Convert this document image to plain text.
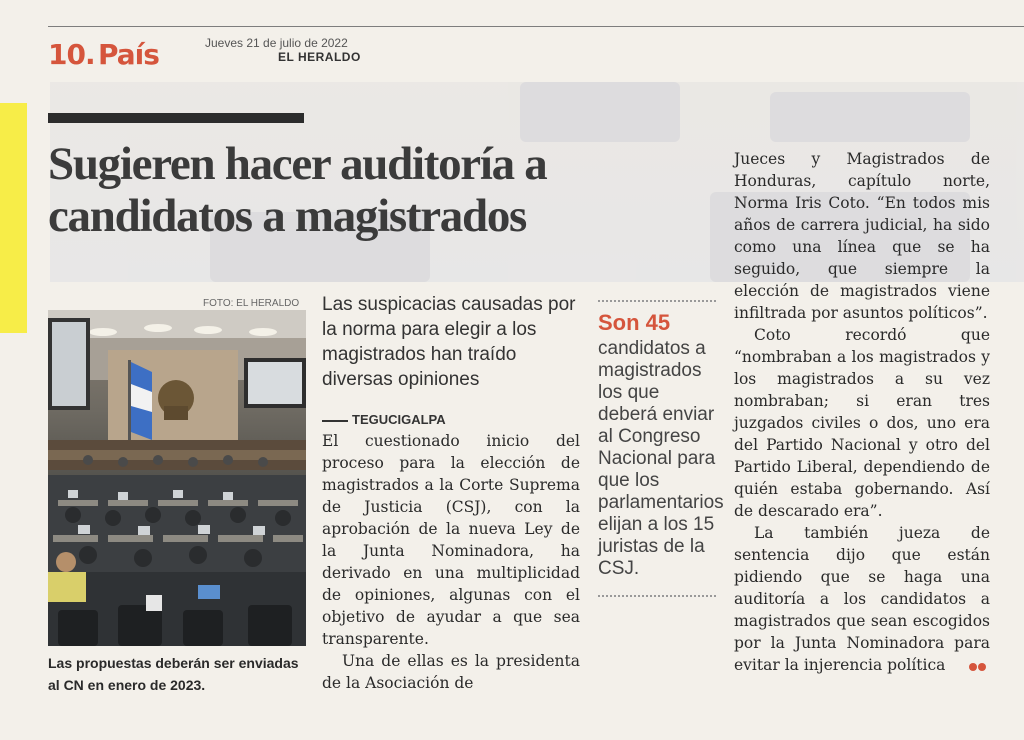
10. País	Jueves 21 de julio de 2022
EL HERALDO
Sugieren hacer auditoría a candidatos a magistrados
FOTO: EL HERALDO

Las propuestas deberán ser enviadas al CN en enero de 2023.

Las suspicacias causadas por la norma para elegir a los magistrados han traído diversas opiniones

TEGUCIGALPA

El cuestionado inicio del proceso para la elección de magistrados a la Corte Suprema de Justicia (CSJ), con la aprobación de la nueva Ley de la Junta Nominadora, ha derivado en una multiplicidad de opiniones, algunas con el objetivo de ayudar a que sea transparente.

Una de ellas es la presidenta de la Asociación de

Son 45

candidatos a magistrados los que deberá enviar al Congreso Nacional para que los parlamentarios elijan a los 15 juristas de la CSJ.

Jueces y Magistrados de Honduras, capítulo norte, Norma Iris Coto. “En todos mis años de carrera judicial, ha sido como una línea que se ha seguido, que siempre la elección de magistrados viene infiltrada por asuntos políticos”.

Coto recordó que “nombraban a los magistrados y los magistrados a su vez nombraban; si eran tres juzgados civiles o dos, uno era del Partido Nacional y otro del Partido Liberal, dependiendo de quién estaba gobernando. Así de descarado era”.

La también jueza de sentencia dijo que están pidiendo que se haga una auditoría a los candidatos a magistrados que sean escogidos por la Junta Nominadora para evitar la injerencia política
